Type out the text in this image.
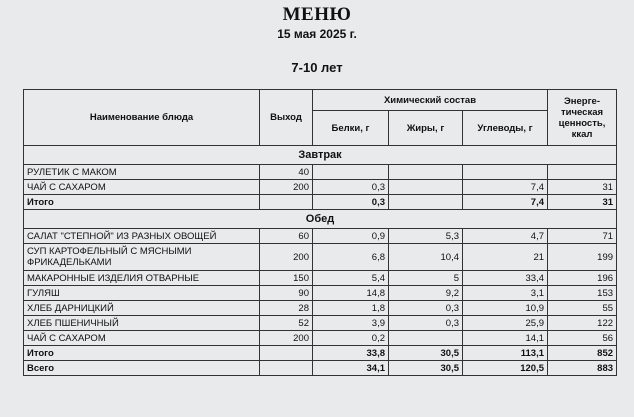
МЕНЮ
15 мая 2025 г.
7-10 лет
Наименование блюда	Выход	Химический состав			Энерге-тическая ценность, ккал
		Белки, г	Жиры, г	Углеводы, г	
Завтрак					
РУЛЕТИК С МАКОМ	40				
ЧАЙ С САХАРОМ	200	0,3		7,4	31
Итого		0,3		7,4	31
Обед					
САЛАТ "СТЕПНОЙ" ИЗ РАЗНЫХ ОВОЩЕЙ	60	0,9	5,3	4,7	71
СУП КАРТОФЕЛЬНЫЙ С МЯСНЫМИ ФРИКАДЕЛЬКАМИ	200	6,8	10,4	21	199
МАКАРОННЫЕ ИЗДЕЛИЯ ОТВАРНЫЕ	150	5,4	5	33,4	196
ГУЛЯШ	90	14,8	9,2	3,1	153
ХЛЕБ ДАРНИЦКИЙ	28	1,8	0,3	10,9	55
ХЛЕБ ПШЕНИЧНЫЙ	52	3,9	0,3	25,9	122
ЧАЙ С САХАРОМ	200	0,2		14,1	56
Итого		33,8	30,5	113,1	852
Всего		34,1	30,5	120,5	883
